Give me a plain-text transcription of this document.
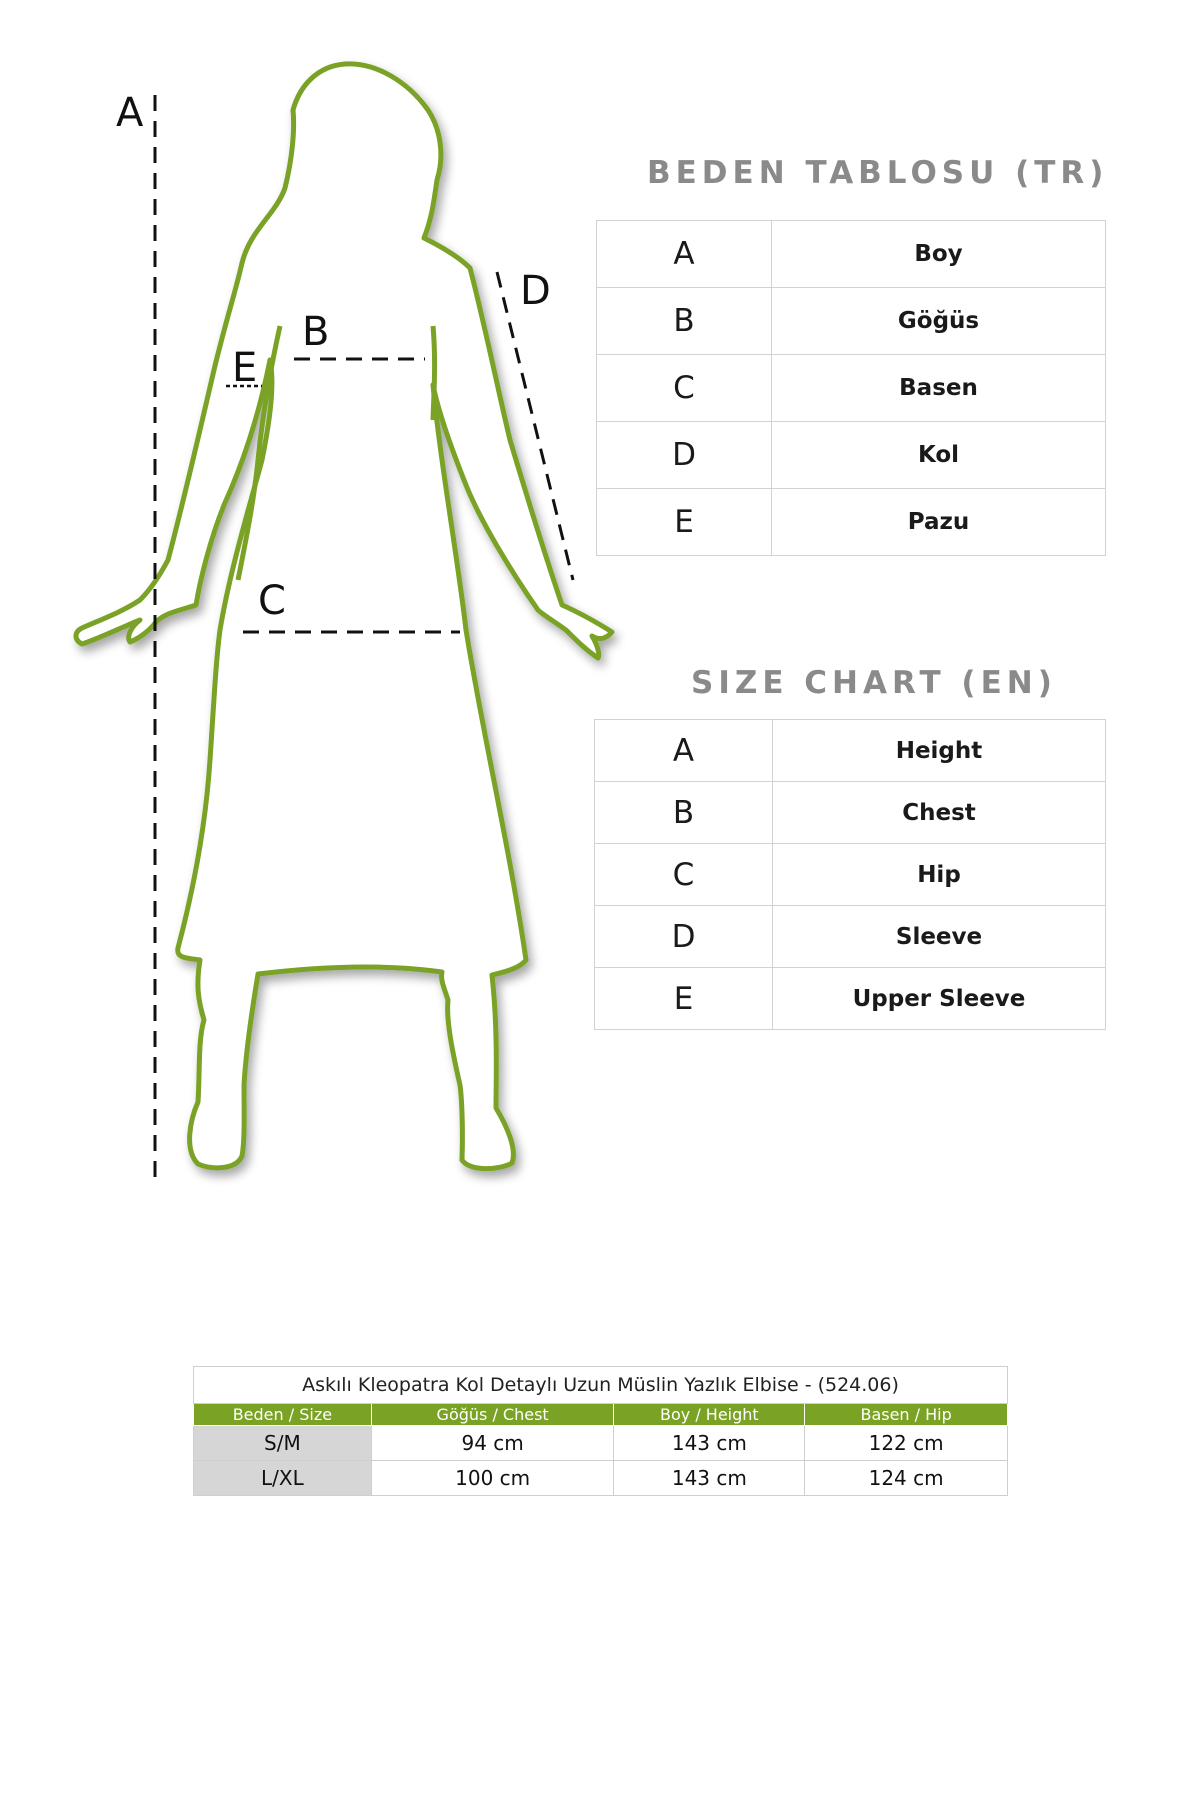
A
B
C
D
E
BEDEN TABLOSU (TR)
A	Boy
B	Göğüs
C	Basen
D	Kol
E	Pazu
SIZE CHART (EN)
A	Height
B	Chest
C	Hip
D	Sleeve
E	Upper Sleeve
Askılı Kleopatra Kol Detaylı Uzun Müslin Yazlık Elbise - (524.06)			
Beden / Size	Göğüs / Chest	Boy / Height	Basen / Hip
S/M	94 cm	143 cm	122 cm
L/XL	100 cm	143 cm	124 cm
